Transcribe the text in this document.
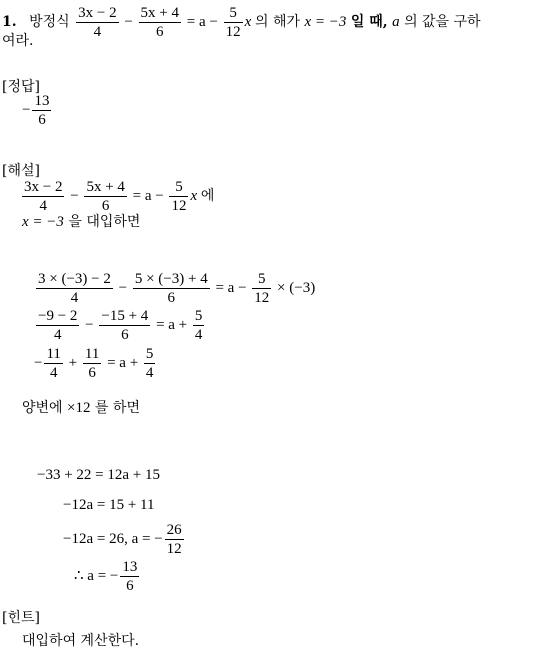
1. 방정식 $\frac{3x - 2}{4} - \frac{5x + 4}{6} = a - \frac{5}{12}$ x 의 해가 x = −3 일 때, a 의 값을 구하
여라.
[정답]
− $\frac{13}{6}$
[해설]
$\frac{3x - 2}{4} - \frac{5x + 4}{6} = a - \frac{5}{12}$ x 에
x = −3 을 대입하면
$\frac{3 \times (-3) - 2}{4} - \frac{5 \times (-3) + 4}{6} = a - \frac{5}{12} \times (-3)$
$\frac{-9 - 2}{4} - \frac{-15 + 4}{6} = a + \frac{5}{4}$
− $\frac{11}{4} + \frac{11}{6} = a + \frac{5}{4}$
양변에 ×12 를 하면
−33 + 22 = 12a + 15
−12a = 15 + 11
−12a = 26, a = − $\frac{26}{12}$
∴ a = − $\frac{13}{6}$
[힌트]
대입하여 계산한다.
